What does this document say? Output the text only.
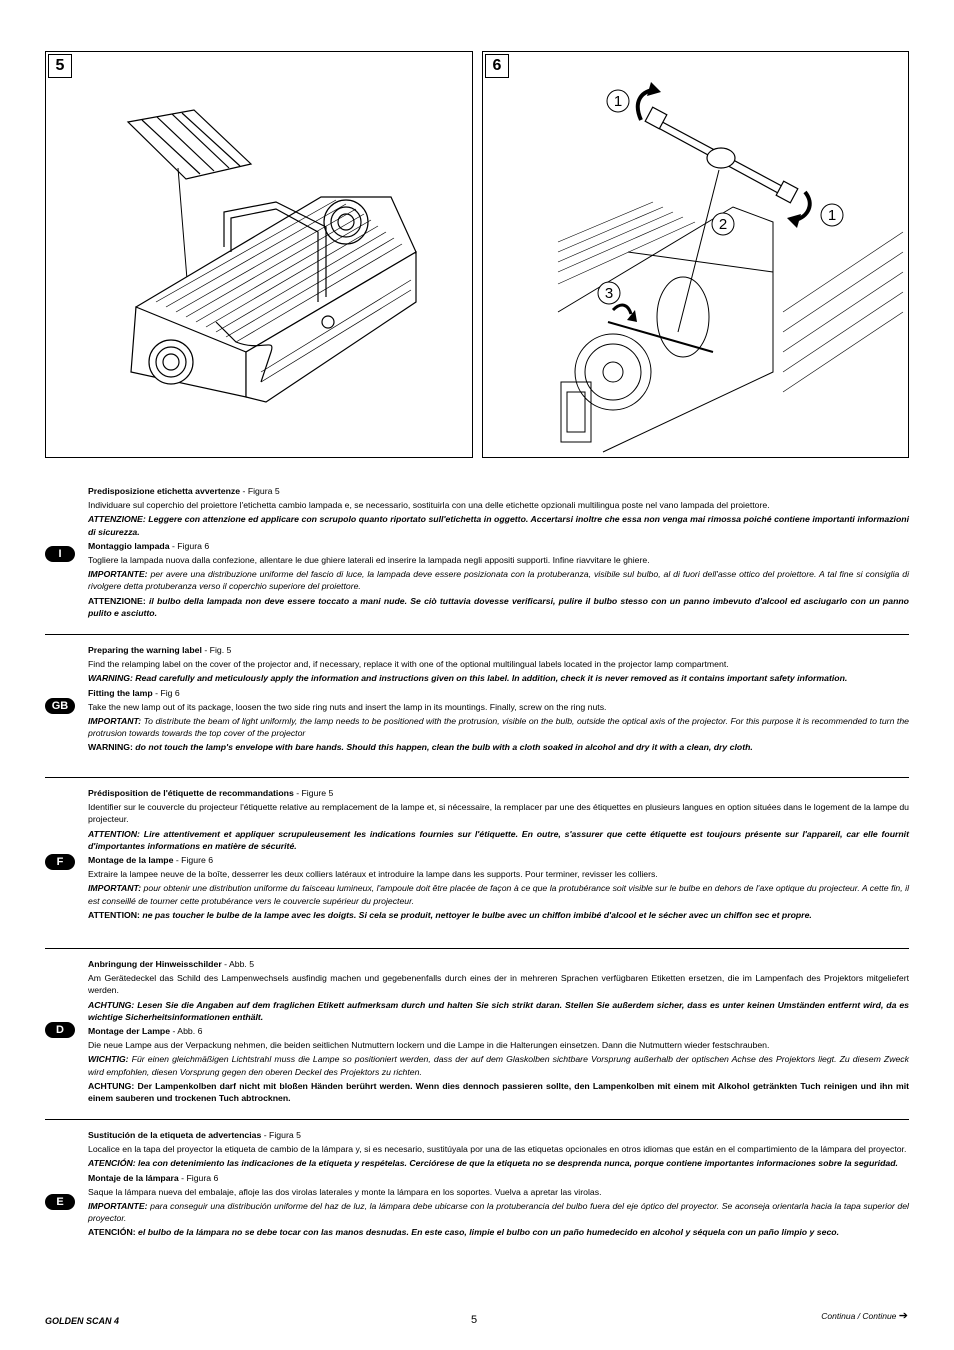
5	6
1
1
2
3
I

Predisposizione etichetta avvertenze - Figura 5

Individuare sul coperchio del proiettore l'etichetta cambio lampada e, se necessario, sostituirla con una delle etichette opzionali multilingua poste nel vano lampada del proiettore.

ATTENZIONE: Leggere con attenzione ed applicare con scrupolo quanto riportato sull'etichetta in oggetto. Accertarsi inoltre che essa non venga mai rimossa poiché contiene importanti informazioni di sicurezza.

Montaggio lampada - Figura 6

Togliere la lampada nuova dalla confezione, allentare le due ghiere laterali ed inserire la lampada negli appositi supporti. Infine riavvitare le ghiere.

IMPORTANTE: per avere una distribuzione uniforme del fascio di luce, la lampada deve essere posizionata con la protuberanza, visibile sul bulbo, al di fuori dell'asse ottico del proiettore. A tal fine si consiglia di rivolgere detta protuberanza verso il coperchio superiore del proiettore.

ATTENZIONE: il bulbo della lampada non deve essere toccato a mani nude. Se ciò tuttavia dovesse verificarsi, pulire il bulbo stesso con un panno imbevuto d'alcool ed asciugarlo con un panno pulito e asciutto.

GB

Preparing the warning label - Fig. 5

Find the relamping label on the cover of the projector and, if necessary, replace it with one of the optional multilingual labels located in the projector lamp compartment.

WARNING: Read carefully and meticulously apply the information and instructions given on this label. In addition, check it is never removed as it contains important safety information.

Fitting the lamp - Fig 6

Take the new lamp out of its package, loosen the two side ring nuts and insert the lamp in its mountings. Finally, screw on the ring nuts.

IMPORTANT: To distribute the beam of light uniformly, the lamp needs to be positioned with the protrusion, visible on the bulb, outside the optical axis of the projector. For this purpose it is recommended to turn the protrusion towards towards the top cover of the projector

WARNING: do not touch the lamp's envelope with bare hands. Should this happen, clean the bulb with a cloth soaked in alcohol and dry it with a clean, dry cloth.

F

Prédisposition de l'étiquette de recommandations - Figure 5

Identifier sur le couvercle du projecteur l'étiquette relative au remplacement de la lampe et, si nécessaire, la remplacer par une des étiquettes en plusieurs langues en option situées dans le logement de la lampe du projecteur.

ATTENTION: Lire attentivement et appliquer scrupuleusement les indications fournies sur l'étiquette. En outre, s'assurer que cette étiquette est toujours présente sur l'appareil, car elle fournit d'importantes informations en matière de sécurité.

Montage de la lampe - Figure 6

Extraire la lampee neuve de la boîte, desserrer les deux colliers latéraux et introduire la lampe dans les supports. Pour terminer, revisser les colliers.

IMPORTANT: pour obtenir une distribution uniforme du faisceau lumineux, l'ampoule doit être placée de façon à ce que la protubérance soit visible sur le bulbe en dehors de l'axe optique du projecteur. A cette fin, il est conseillé de tourner cette protubérance vers le couvercle supérieur du projecteur.

ATTENTION: ne pas toucher le bulbe de la lampe avec les doigts. Si cela se produit, nettoyer le bulbe avec un chiffon imbibé d'alcool et le sécher avec un chiffon sec et propre.

D

Anbringung der Hinweisschilder - Abb. 5

Am Gerätedeckel das Schild des Lampenwechsels ausfindig machen und gegebenenfalls durch eines der in mehreren Sprachen verfügbaren Etiketten ersetzen, die im Lampenfach des Projektors mitgeliefert werden.

ACHTUNG: Lesen Sie die Angaben auf dem fraglichen Etikett aufmerksam durch und halten Sie sich strikt daran. Stellen Sie außerdem sicher, dass es unter keinen Umständen entfernt wird, da es wichtige Sicherheitsinformationen enthält.

Montage der Lampe - Abb. 6

Die neue Lampe aus der Verpackung nehmen, die beiden seitlichen Nutmuttern lockern und die Lampe in die Halterungen einsetzen. Dann die Nutmuttern wieder festschrauben.

WICHTIG: Für einen gleichmäßigen Lichtstrahl muss die Lampe so positioniert werden, dass der auf dem Glaskolben sichtbare Vorsprung außerhalb der optischen Achse des Projektors liegt. Zu diesem Zweck wird empfohlen, diesen Vorsprung gegen den oberen Deckel des Projektors zu richten.

ACHTUNG: Der Lampenkolben darf nicht mit bloßen Händen berührt werden. Wenn dies dennoch passieren sollte, den Lampenkolben mit einem mit Alkohol getränkten Tuch reinigen und ihn mit einem sauberen und trockenen Tuch abtrocknen.

E

Sustitución de la etiqueta de advertencias - Figura 5

Localice en la tapa del proyector la etiqueta de cambio de la lámpara y, si es necesario, sustitúyala por una de las etiquetas opcionales en otros idiomas que están en el compartimiento de la lámpara del proyector.

ATENCIÓN: lea con detenimiento las indicaciones de la etiqueta y respételas. Cerciórese de que la etiqueta no se desprenda nunca, porque contiene importantes informaciones sobre la seguridad.

Montaje de la lámpara - Figura 6

Saque la lámpara nueva del embalaje, afloje las dos virolas laterales y monte la lámpara en los soportes. Vuelva a apretar las virolas.

IMPORTANTE: para conseguir una distribución uniforme del haz de luz, la lámpara debe ubicarse con la protuberancia del bulbo fuera del eje óptico del proyector. Se aconseja orientarla hacia la tapa superior del proyector.

ATENCIÓN: el bulbo de la lámpara no se debe tocar con las manos desnudas. En este caso, limpie el bulbo con un paño humedecido en alcohol y séquela con un paño limpio y seco.

GOLDEN SCAN 4	5	Continua / Continue ➔
